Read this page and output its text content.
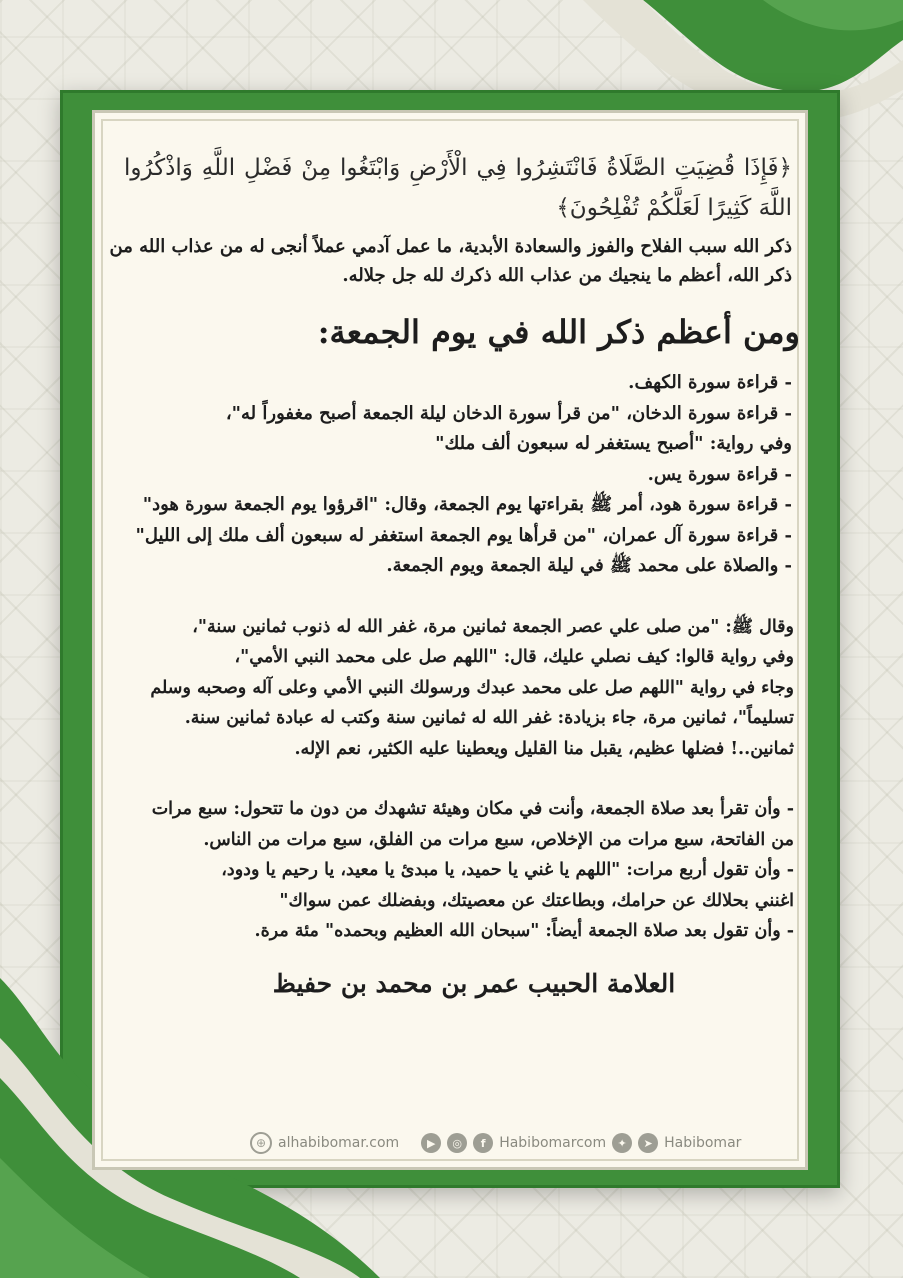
﴿فَإِذَا قُضِيَتِ الصَّلَاةُ فَانْتَشِرُوا فِي الْأَرْضِ وَابْتَغُوا مِنْ فَضْلِ اللَّهِ وَاذْكُرُوا اللَّهَ كَثِيرًا لَعَلَّكُمْ تُفْلِحُونَ﴾
ذكر الله سبب الفلاح والفوز والسعادة الأبدية، ما عمل آدمي عملاً أنجى له من عذاب الله من ذكر الله، أعظم ما ينجيك من عذاب الله ذكرك لله جل جلاله.
ومن أعظم ذكر الله في يوم الجمعة:
- قراءة سورة الكهف.
- قراءة سورة الدخان، "من قرأ سورة الدخان ليلة الجمعة أصبح مغفوراً له"،
وفي رواية: "أصبح يستغفر له سبعون ألف ملك"
- قراءة سورة يس.
- قراءة سورة هود، أمر ﷺ بقراءتها يوم الجمعة، وقال: "اقرؤوا يوم الجمعة سورة هود"
- قراءة سورة آل عمران، "من قرأها يوم الجمعة استغفر له سبعون ألف ملك إلى الليل"
- والصلاة على محمد ﷺ في ليلة الجمعة ويوم الجمعة.
وقال ﷺ: "من صلى علي عصر الجمعة ثمانين مرة، غفر الله له ذنوب ثمانين سنة"،
وفي رواية قالوا: كيف نصلي عليك، قال: "اللهم صل على محمد النبي الأمي"،
وجاء في رواية "اللهم صل على محمد عبدك ورسولك النبي الأمي وعلى آله وصحبه وسلم
تسليماً"، ثمانين مرة، جاء بزيادة: غفر الله له ثمانين سنة وكتب له عبادة ثمانين سنة.
ثمانين..! فضلها عظيم، يقبل منا القليل ويعطينا عليه الكثير، نعم الإله.
- وأن تقرأ بعد صلاة الجمعة، وأنت في مكان وهيئة تشهدك من دون ما تتحول: سبع مرات
من الفاتحة، سبع مرات من الإخلاص، سبع مرات من الفلق، سبع مرات من الناس.
- وأن تقول أربع مرات: "اللهم يا غني يا حميد، يا مبدئ يا معيد، يا رحيم يا ودود،
اغنني بحلالك عن حرامك، وبطاعتك عن معصيتك، وبفضلك عمن سواك"
- وأن تقول بعد صلاة الجمعة أيضاً: "سبحان الله العظيم وبحمده" مئة مرة.
العلامة الحبيب عمر بن محمد بن حفيظ
⊕ alhabibomar.com	▶	◎	f Habibomarcom	✦	➤ Habibomar
